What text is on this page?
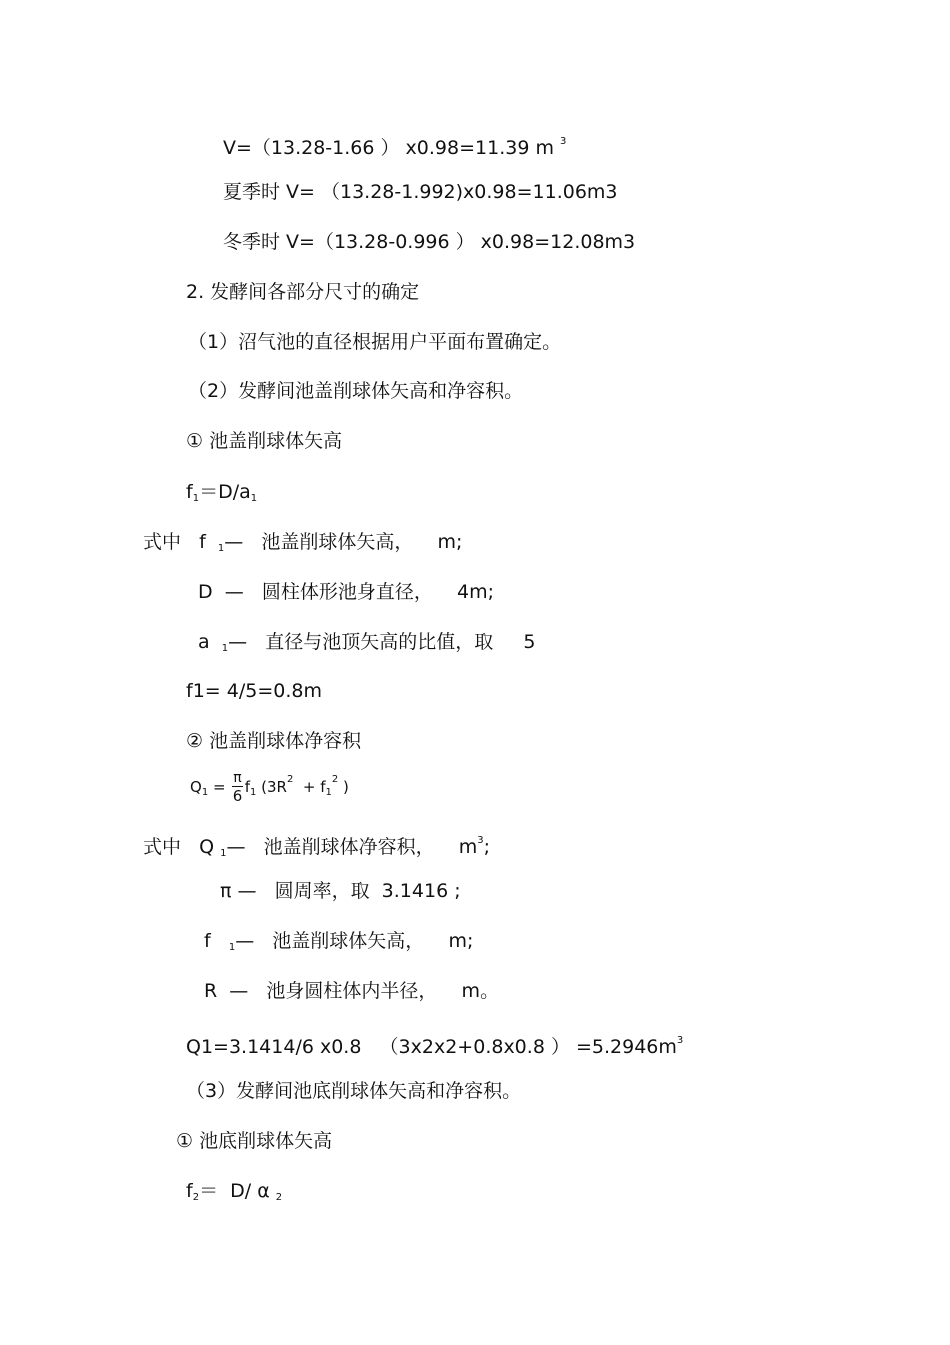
V=（13.28-1.66 ） x0.98=11.39 m $^3$
夏季时 V= （13.28-1.992)x0.98=11.06m3
冬季时 V=（13.28-0.996 ） x0.98=12.08m3
2. 发酵间各部分尺寸的确定
（1）沼气池的直径根据用户平面布置确定。
（2）发酵间池盖削球体矢高和净容积。
① 池盖削球体矢高
$f_1=D/a_1$
式中   f  $_1$—   池盖削球体矢高，    m;
D  —   圆柱体形池身直径，    4m;
a  $_1$—   直径与池顶矢高的比值，取     5
f1= 4/5=0.8m
② 池盖削球体净容积
$Q_1 = \frac{\pi}{6} f_1$ ($3R^2 + f_1^2$ )
式中   Q $_1$—   池盖削球体净容积，    $m^3$;
π —   圆周率，取  3.1416 ;
f   $_1$—   池盖削球体矢高，    m;
R  —   池身圆柱体内半径，    m。
Q1=3.1414/6 x0.8   （3x2x2+0.8x0.8 ） $=5.2946m^3$
（3）发酵间池底削球体矢高和净容积。
① 池底削球体矢高
$f_2= D/$ α $_2$
